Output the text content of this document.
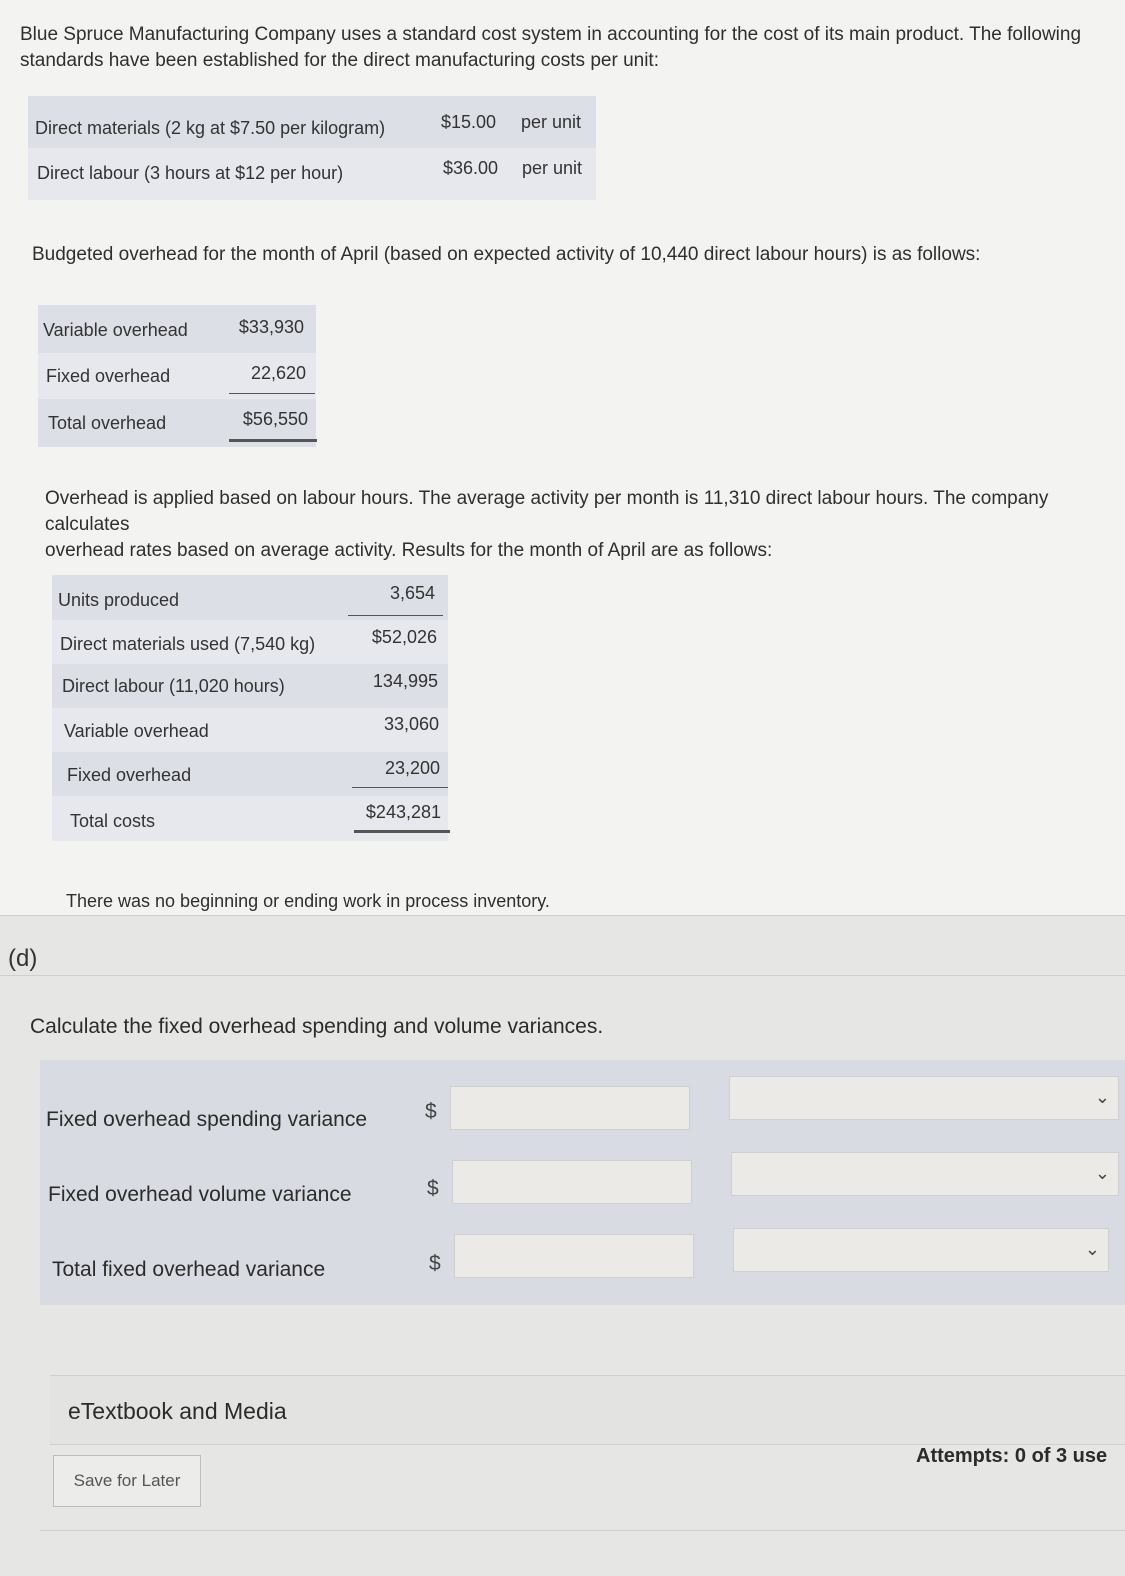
Blue Spruce Manufacturing Company uses a standard cost system in accounting for the cost of its main product. The following
standards have been established for the direct manufacturing costs per unit:
Direct materials (2 kg at $7.50 per kilogram)	$15.00 per unit
Direct labour (3 hours at $12 per hour)	$36.00 per unit
Budgeted overhead for the month of April (based on expected activity of 10,440 direct labour hours) is as follows:
Variable overhead	$33,930
Fixed overhead	22,620
Total overhead	$56,550
Overhead is applied based on labour hours. The average activity per month is 11,310 direct labour hours. The company calculates
overhead rates based on average activity. Results for the month of April are as follows:
Units produced	3,654
Direct materials used (7,540 kg)	$52,026
Direct labour (11,020 hours)	134,995
Variable overhead	33,060
Fixed overhead	23,200
Total costs	$243,281
There was no beginning or ending work in process inventory.
(d)
Calculate the fixed overhead spending and volume variances.
Fixed overhead spending variance	$
⌄
Fixed overhead volume variance	$
⌄
Total fixed overhead variance	$
⌄
eTextbook and Media
Save for Later
Attempts: 0 of 3 use
